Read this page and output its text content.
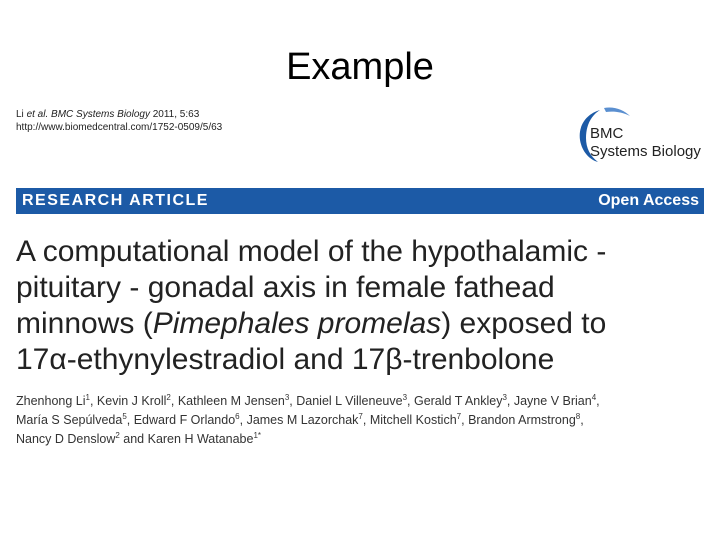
Example
Li et al. BMC Systems Biology 2011, 5:63
http://www.biomedcentral.com/1752-0509/5/63	BMC
Systems Biology
RESEARCH ARTICLE	Open Access
A computational model of the hypothalamic -
pituitary - gonadal axis in female fathead
minnows (Pimephales promelas) exposed to
17α-ethynylestradiol and 17β-trenbolone
Zhenhong Li$^1$, Kevin J Kroll$^2$, Kathleen M Jensen$^3$, Daniel L Villeneuve$^3$, Gerald T Ankley$^3$, Jayne V Brian$^4$,
María S Sepúlveda$^5$, Edward F Orlando$^6$, James M Lazorchak$^7$, Mitchell Kostich$^7$, Brandon Armstrong$^8$,
Nancy D Denslow$^2$ and Karen H Watanabe$^{1*}$
